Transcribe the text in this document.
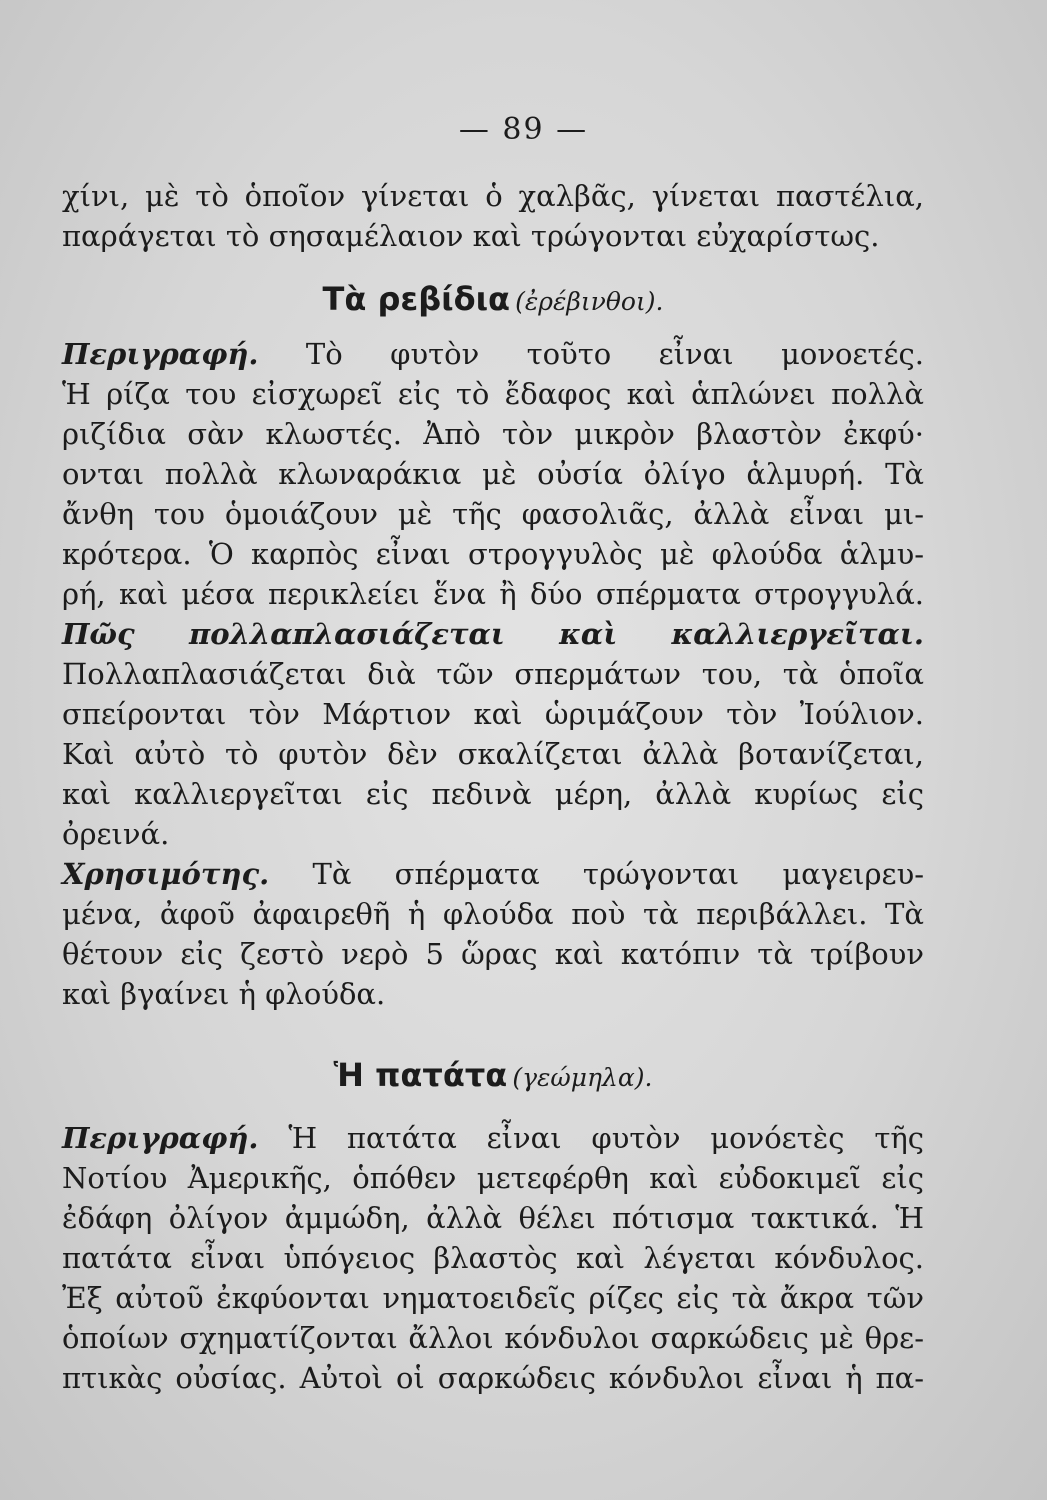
— 89 —
χίνι, μὲ τὸ ὁποῖον γίνεται ὁ χαλβᾶς, γίνεται παστέλια,
παράγεται τὸ σησαμέλαιον καὶ τρώγονται εὐχαρίστως.
Τὰ ρεβίδια (ἐρέβινθοι).
Περιγραφή. Τὸ φυτὸν τοῦτο εἶναι μονοετές.
Ἡ ρίζα του εἰσχωρεῖ εἰς τὸ ἔδαφος καὶ ἁπλώνει πολλὰ
ριζίδια σὰν κλωστές. Ἀπὸ τὸν μικρὸν βλαστὸν ἐκφύ·
ονται πολλὰ κλωναράκια μὲ οὐσία ὀλίγο ἁλμυρή. Τὰ
ἄνθη του ὁμοιάζουν μὲ τῆς φασολιᾶς, ἀλλὰ εἶναι μι-
κρότερα. Ὁ καρπὸς εἶναι στρογγυλὸς μὲ φλούδα ἁλμυ-
ρή, καὶ μέσα περικλείει ἕνα ἢ δύο σπέρματα στρογγυλά.
Πῶς πολλαπλασιάζεται καὶ καλλιεργεῖται.
Πολλαπλασιάζεται διὰ τῶν σπερμάτων του, τὰ ὁποῖα
σπείρονται τὸν Μάρτιον καὶ ὡριμάζουν τὸν Ἰούλιον.
Καὶ αὐτὸ τὸ φυτὸν δὲν σκαλίζεται ἀλλὰ βοτανίζεται,
καὶ καλλιεργεῖται εἰς πεδινὰ μέρη, ἀλλὰ κυρίως εἰς
ὀρεινά.
Χρησιμότης. Τὰ σπέρματα τρώγονται μαγειρευ-
μένα, ἀφοῦ ἀφαιρεθῆ ἡ φλούδα ποὺ τὰ περιβάλλει. Τὰ
θέτουν εἰς ζεστὸ νερὸ 5 ὥρας καὶ κατόπιν τὰ τρίβουν
καὶ βγαίνει ἡ φλούδα.
Ἡ πατάτα (γεώμηλα).
Περιγραφή. Ἡ πατάτα εἶναι φυτὸν μονόετὲς τῆς
Νοτίου Ἀμερικῆς, ὁπόθεν μετεφέρθη καὶ εὐδοκιμεῖ εἰς
ἐδάφη ὀλίγον ἀμμώδη, ἀλλὰ θέλει πότισμα τακτικά. Ἡ
πατάτα εἶναι ὑπόγειος βλαστὸς καὶ λέγεται κόνδυλος.
Ἐξ αὐτοῦ ἐκφύονται νηματοειδεῖς ρίζες εἰς τὰ ἄκρα τῶν
ὁποίων σχηματίζονται ἄλλοι κόνδυλοι σαρκώδεις μὲ θρε-
πτικὰς οὐσίας. Αὐτοὶ οἱ σαρκώδεις κόνδυλοι εἶναι ἡ πα-
